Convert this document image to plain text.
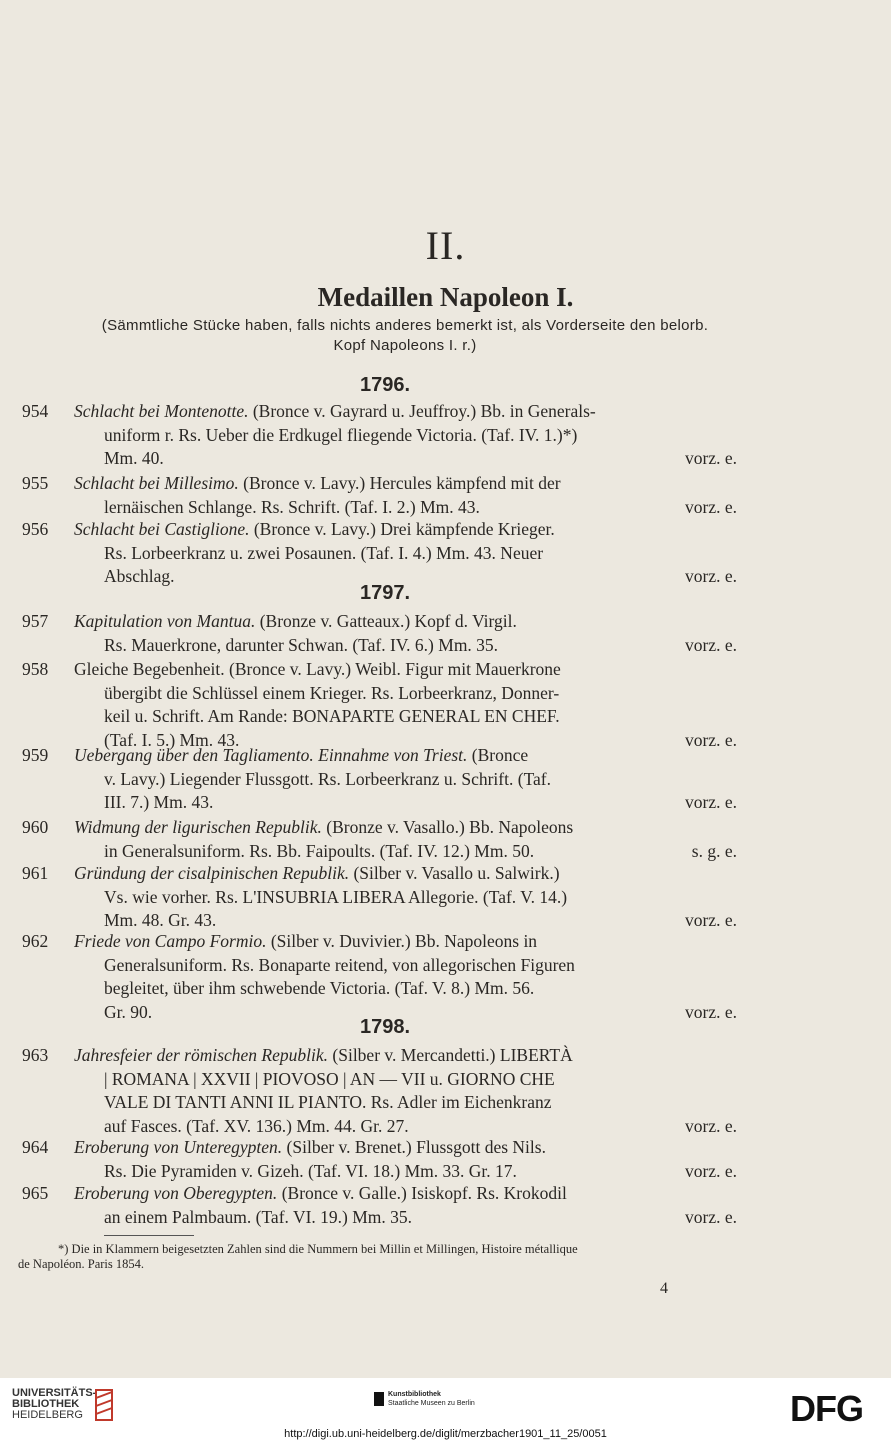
II.
Medaillen Napoleon I.
(Sämmtliche Stücke haben, falls nichts anderes bemerkt ist, als Vorderseite den belorb.
Kopf Napoleons I. r.)
1796.
954 Schlacht bei Montenotte. (Bronce v. Gayrard u. Jeuffroy.) Bb. in Generals-
uniform r. Rs. Ueber die Erdkugel fliegende Victoria. (Taf. IV. 1.)*)
Mm. 40.	vorz. e.
955 Schlacht bei Millesimo. (Bronce v. Lavy.) Hercules kämpfend mit der
lernäischen Schlange. Rs. Schrift. (Taf. I. 2.) Mm. 43.	vorz. e.
956 Schlacht bei Castiglione. (Bronce v. Lavy.) Drei kämpfende Krieger.
Rs. Lorbeerkranz u. zwei Posaunen. (Taf. I. 4.) Mm. 43. Neuer
Abschlag.	vorz. e.
1797.
957 Kapitulation von Mantua. (Bronze v. Gatteaux.) Kopf d. Virgil.
Rs. Mauerkrone, darunter Schwan. (Taf. IV. 6.) Mm. 35.	vorz. e.
958 Gleiche Begebenheit. (Bronce v. Lavy.) Weibl. Figur mit Mauerkrone
übergibt die Schlüssel einem Krieger. Rs. Lorbeerkranz, Donner-
keil u. Schrift. Am Rande: BONAPARTE GENERAL EN CHEF.
(Taf. I. 5.) Mm. 43.	vorz. e.
959 Uebergang über den Tagliamento. Einnahme von Triest. (Bronce
v. Lavy.) Liegender Flussgott. Rs. Lorbeerkranz u. Schrift. (Taf.
III. 7.) Mm. 43.	vorz. e.
960 Widmung der ligurischen Republik. (Bronze v. Vasallo.) Bb. Napoleons
in Generalsuniform. Rs. Bb. Faipoults. (Taf. IV. 12.) Mm. 50.	s. g. e.
961 Gründung der cisalpinischen Republik. (Silber v. Vasallo u. Salwirk.)
Vs. wie vorher. Rs. L'INSUBRIA LIBERA Allegorie. (Taf. V. 14.)
Mm. 48. Gr. 43.	vorz. e.
962 Friede von Campo Formio. (Silber v. Duvivier.) Bb. Napoleons in
Generalsuniform. Rs. Bonaparte reitend, von allegorischen Figuren
begleitet, über ihm schwebende Victoria. (Taf. V. 8.) Mm. 56.
Gr. 90.	vorz. e.
1798.
963 Jahresfeier der römischen Republik. (Silber v. Mercandetti.) LIBERTÀ
| ROMANA | XXVII | PIOVOSO | AN — VII u. GIORNO CHE
VALE DI TANTI ANNI IL PIANTO. Rs. Adler im Eichenkranz
auf Fasces. (Taf. XV. 136.) Mm. 44. Gr. 27.	vorz. e.
964 Eroberung von Unteregypten. (Silber v. Brenet.) Flussgott des Nils.
Rs. Die Pyramiden v. Gizeh. (Taf. VI. 18.) Mm. 33. Gr. 17.	vorz. e.
965 Eroberung von Oberegypten. (Bronce v. Galle.) Isiskopf. Rs. Krokodil
an einem Palmbaum. (Taf. VI. 19.) Mm. 35.	vorz. e.
*) Die in Klammern beigesetzten Zahlen sind die Nummern bei Millin et Millingen, Histoire métallique
de Napoléon. Paris 1854.
4
UNIVERSITÄTS-
BIBLIOTHEK
HEIDELBERG
Kunstbibliothek
Staatliche Museen zu Berlin	DFG
http://digi.ub.uni-heidelberg.de/diglit/merzbacher1901_11_25/0051
